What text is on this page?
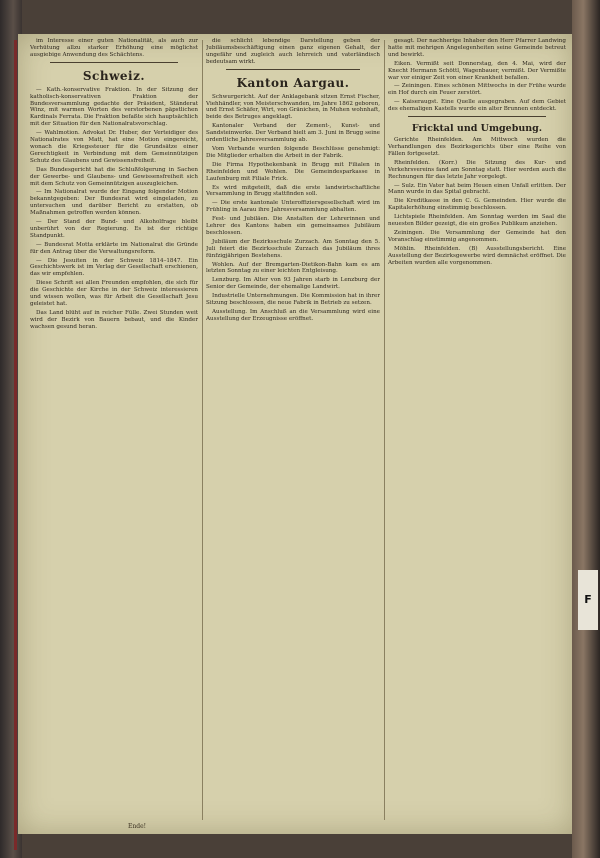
im Interesse einer guten Nationalität, als auch zur Verhütung allzu starker Erhöhung eine möglichst ausgiebige Anwendung des Schächtens.

Schweiz.

— Kath.-konservative Fraktion. In der Sitzung der katholisch-konservativen Fraktion der Bundesversammlung gedachte der Präsident, Ständerat Winz, mit warmen Worten des verstorbenen päpstlichen Kardinals Ferrata. Die Fraktion befaßte sich hauptsächlich mit der Situation für den Nationalratsvorschlag.

— Wahlmotion. Advokat Dr. Huber, der Verteidiger des Nationalrates von Matt, hat eine Motion eingereicht, wonach die Kriegssteuer für die Grundsätze einer Gerechtigkeit in Verbindung mit dem Gemeinnützigen Schutz des Glaubens und Gewissensfreiheit.

Das Bundesgericht hat die Schlußfolgerung in Sachen der Gewerbe- und Glaubens- und Gewissensfreiheit sich mit dem Schutz von Gemeinnützigen auszugleichen.

— Im Nationalrat wurde der Eingang folgender Motion bekanntgegeben: Der Bundesrat wird eingeladen, zu untersuchen und darüber Bericht zu erstatten, ob Maßnahmen getroffen werden können.

— Der Stand der Bund- und Alkoholfrage bleibt unberührt von der Regierung. Es ist der richtige Standpunkt.

— Bundesrat Motta erklärte im Nationalrat die Gründe für den Antrag über die Verwaltungsreform.

— Die Jesuiten in der Schweiz 1814–1847. Ein Geschichtswerk ist im Verlag der Gesellschaft erschienen, das wir empfehlen.

Diese Schrift sei allen Freunden empfohlen, die sich für die Geschichte der Kirche in der Schweiz interessieren und wissen wollen, was für Arbeit die Gesellschaft Jesu geleistet hat.

Das Land blüht auf in reicher Fülle. Zwei Stunden weit wird der Bezirk von Bauern bebaut, und die Kinder wachsen gesund heran.

die schlicht lebendige Darstellung geben der Jubiläumsbeschäftigung einen ganz eigenen Gehalt, der ungefähr und zugleich auch lehrreich und vaterländisch bedeutsam wirkt.

Kanton Aargau.

Schwurgericht. Auf der Anklagebank sitzen Ernst Fischer, Viehhändler, von Meisterschwanden, im Jahre 1862 geboren, und Ernst Schäfer, Wirt, von Gränichen, in Muhen wohnhaft, beide des Betruges angeklagt.

Kantonaler Verband der Zement-, Kunst- und Sandsteinwerke. Der Verband hielt am 3. Juni in Brugg seine ordentliche Jahresversammlung ab.

Vom Verbande wurden folgende Beschlüsse genehmigt: Die Mitglieder erhalten die Arbeit in der Fabrik.

Die Firma Hypothekenbank in Brugg mit Filialen in Rheinfelden und Wohlen. Die Gemeindesparkasse in Laufenburg mit Filiale Frick.

Es wird mitgeteilt, daß die erste landwirtschaftliche Versammlung in Brugg stattfinden soll.

— Die erste kantonale Unteroffiziersgesellschaft wird im Frühling in Aarau ihre Jahresversammlung abhalten.

Fest- und Jubiläen. Die Anstalten der Lehrerinnen und Lehrer des Kantons haben ein gemeinsames Jubiläum beschlossen.

Jubiläum der Bezirksschule Zurzach. Am Sonntag den 5. Juli feiert die Bezirksschule Zurzach das Jubiläum ihres fünfzigjährigen Bestehens.

Wohlen. Auf der Bremgarten-Dietikon-Bahn kam es am letzten Sonntag zu einer leichten Entgleisung.

Lenzburg. Im Alter von 93 Jahren starb in Lenzburg der Senior der Gemeinde, der ehemalige Landwirt.

Industrielle Unternehmungen. Die Kommission hat in ihrer Sitzung beschlossen, die neue Fabrik in Betrieb zu setzen.

Ausstellung. Im Anschluß an die Versammlung wird eine Ausstellung der Erzeugnisse eröffnet.

gesagt. Der nachherige Inhaber den Herr Pfarrer Landwing hatte mit mehrigen Angelegenheiten seine Gemeinde betreut und bewirkt.

Eiken. Vermißt seit Donnerstag, den 4. Mai, wird der Knecht Hermann Schöttl, Wagenbauer, vermißt. Der Vermißte war vor einiger Zeit von einer Krankheit befallen.

— Zeiningen. Eines schönen Mittwochs in der Frühe wurde ein Hof durch ein Feuer zerstört.

— Kaiseraugst. Eine Quelle ausgegraben. Auf dem Gebiet des ehemaligen Kastells wurde ein alter Brunnen entdeckt.

Fricktal und Umgebung.

Gerichte Rheinfelden. Am Mittwoch wurden die Verhandlungen des Bezirksgerichts über eine Reihe von Fällen fortgesetzt.

Rheinfelden. (Korr.) Die Sitzung des Kur- und Verkehrsvereins fand am Sonntag statt. Hier werden auch die Rechnungen für das letzte Jahr vorgelegt.

— Sulz. Ein Vater hat beim Heuen einen Unfall erlitten. Der Mann wurde in das Spital gebracht.

Die Kreditkasse in den C. G. Gemeinden. Hier wurde die Kapitalerhöhung einstimmig beschlossen.

Lichtspiele Rheinfelden. Am Sonntag werden im Saal die neuesten Bilder gezeigt, die ein großes Publikum anziehen.

Zeiningen. Die Versammlung der Gemeinde hat den Voranschlag einstimmig angenommen.

Möhlin. Rheinfelden. (B) Ausstellungsbericht. Eine Ausstellung der Bezirksgewerbe wird demnächst eröffnet. Die Arbeiten wurden alle vorgenommen.

Ende!
F
